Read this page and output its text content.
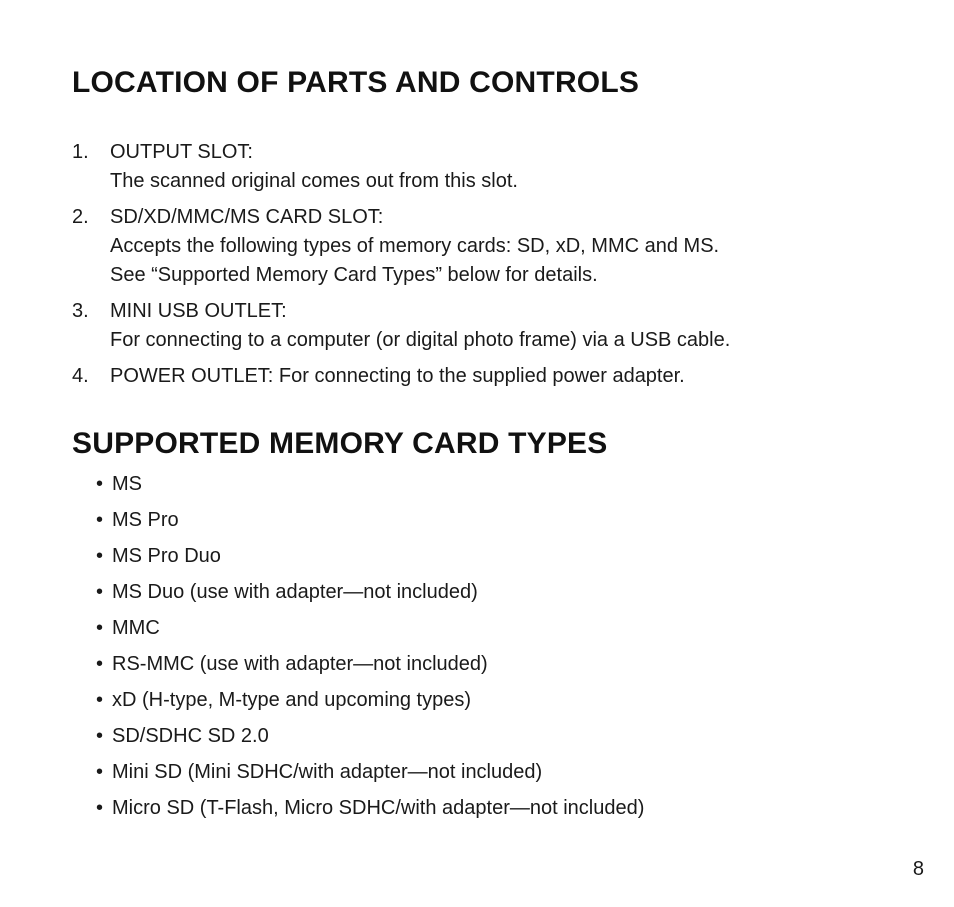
LOCATION OF PARTS AND CONTROLS
1. OUTPUT SLOT:
The scanned original comes out from this slot.
2. SD/XD/MMC/MS CARD SLOT:
Accepts the following types of memory cards: SD, xD, MMC and MS.
See “Supported Memory Card Types” below for details.
3. MINI USB OUTLET:
For connecting to a computer (or digital photo frame) via a USB cable.
4. POWER OUTLET: For connecting to the supplied power adapter.
SUPPORTED MEMORY CARD TYPES
• MS
• MS Pro
• MS Pro Duo
• MS Duo (use with adapter—not included)
• MMC
• RS-MMC (use with adapter—not included)
• xD (H-type, M-type and upcoming types)
• SD/SDHC SD 2.0
• Mini SD (Mini SDHC/with adapter—not included)
• Micro SD (T-Flash, Micro SDHC/with adapter—not included)
8
